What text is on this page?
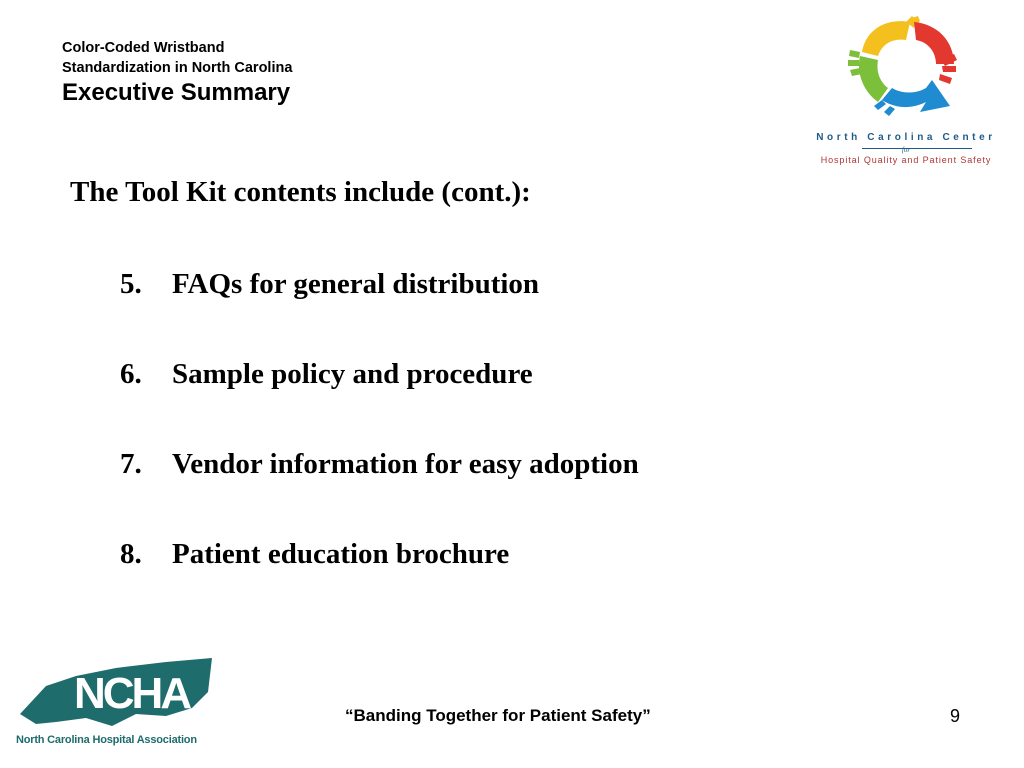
Color-Coded Wristband
Standardization in North Carolina
Executive Summary
North Carolina Center
for
Hospital Quality and Patient Safety
The Tool Kit contents include (cont.):
5.	FAQs for general distribution
6.	Sample policy and procedure
7.	Vendor information for easy adoption
8.	Patient education brochure
NCHA
North Carolina Hospital Association
“Banding Together for Patient Safety”	9
